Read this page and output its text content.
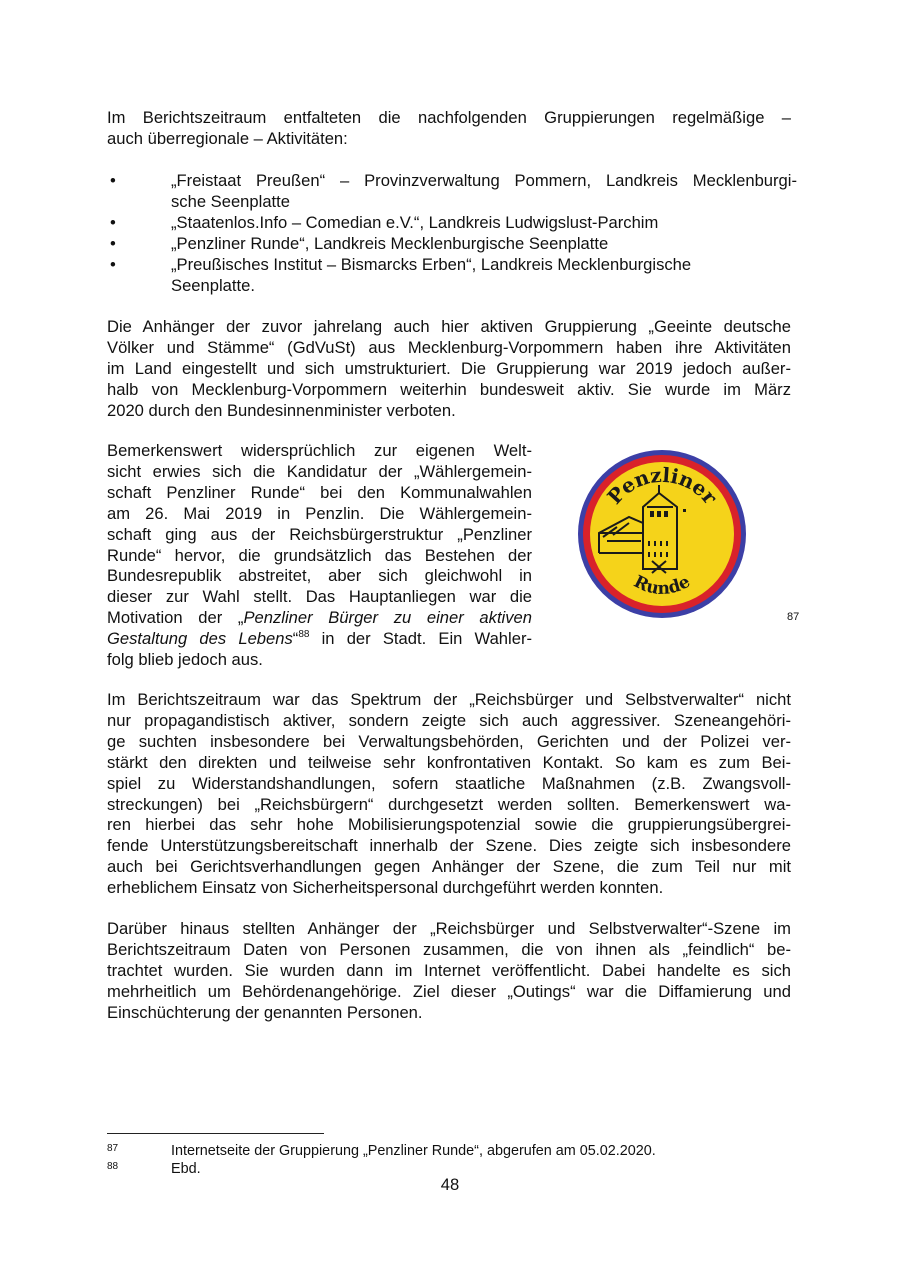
Im Berichtszeitraum entfalteten die nachfolgenden Gruppierungen regelmäßige –
auch überregionale – Aktivitäten:

•	„Freistaat Preußen“ – Provinzverwaltung Pommern, Landkreis Mecklenburgi-
sche Seenplatte
•	„Staatenlos.Info – Comedian e.V.“, Landkreis Ludwigslust-Parchim
•	„Penzliner Runde“, Landkreis Mecklenburgische Seenplatte
•	„Preußisches Institut – Bismarcks Erben“, Landkreis Mecklenburgische
Seenplatte.

Die Anhänger der zuvor jahrelang auch hier aktiven Gruppierung „Geeinte deutsche
Völker und Stämme“ (GdVuSt) aus Mecklenburg-Vorpommern haben ihre Aktivitäten
im Land eingestellt und sich umstrukturiert. Die Gruppierung war 2019 jedoch außer-
halb von Mecklenburg-Vorpommern weiterhin bundesweit aktiv. Sie wurde im März
2020 durch den Bundesinnenminister verboten.

Bemerkenswert widersprüchlich zur eigenen Welt-
sicht erwies sich die Kandidatur der „Wählergemein-
schaft Penzliner Runde“ bei den Kommunalwahlen
am 26. Mai 2019 in Penzlin. Die Wählergemein-
schaft ging aus der Reichsbürgerstruktur „Penzliner
Runde“ hervor, die grundsätzlich das Bestehen der
Bundesrepublik abstreitet, aber sich gleichwohl in
dieser zur Wahl stellt. Das Hauptanliegen war die
Motivation der „Penzliner Bürger zu einer aktiven
Gestaltung des Lebens“$^{88}$ in der Stadt. Ein Wahler-
folg blieb jedoch aus.

Penzliner
Runde
87

Im Berichtszeitraum war das Spektrum der „Reichsbürger und Selbstverwalter“ nicht
nur propagandistisch aktiver, sondern zeigte sich auch aggressiver. Szeneangehöri-
ge suchten insbesondere bei Verwaltungsbehörden, Gerichten und der Polizei ver-
stärkt den direkten und teilweise sehr konfrontativen Kontakt. So kam es zum Bei-
spiel zu Widerstandshandlungen, sofern staatliche Maßnahmen (z.B. Zwangsvoll-
streckungen) bei „Reichsbürgern“ durchgesetzt werden sollten. Bemerkenswert wa-
ren hierbei das sehr hohe Mobilisierungspotenzial sowie die gruppierungsübergrei-
fende Unterstützungsbereitschaft innerhalb der Szene. Dies zeigte sich insbesondere
auch bei Gerichtsverhandlungen gegen Anhänger der Szene, die zum Teil nur mit
erheblichem Einsatz von Sicherheitspersonal durchgeführt werden konnten.

Darüber hinaus stellten Anhänger der „Reichsbürger und Selbstverwalter“-Szene im
Berichtszeitraum Daten von Personen zusammen, die von ihnen als „feindlich“ be-
trachtet wurden. Sie wurden dann im Internet veröffentlicht. Dabei handelte es sich
mehrheitlich um Behördenangehörige. Ziel dieser „Outings“ war die Diffamierung und
Einschüchterung der genannten Personen.

87	Internetseite der Gruppierung „Penzliner Runde“, abgerufen am 05.02.2020.
88	Ebd.
48
